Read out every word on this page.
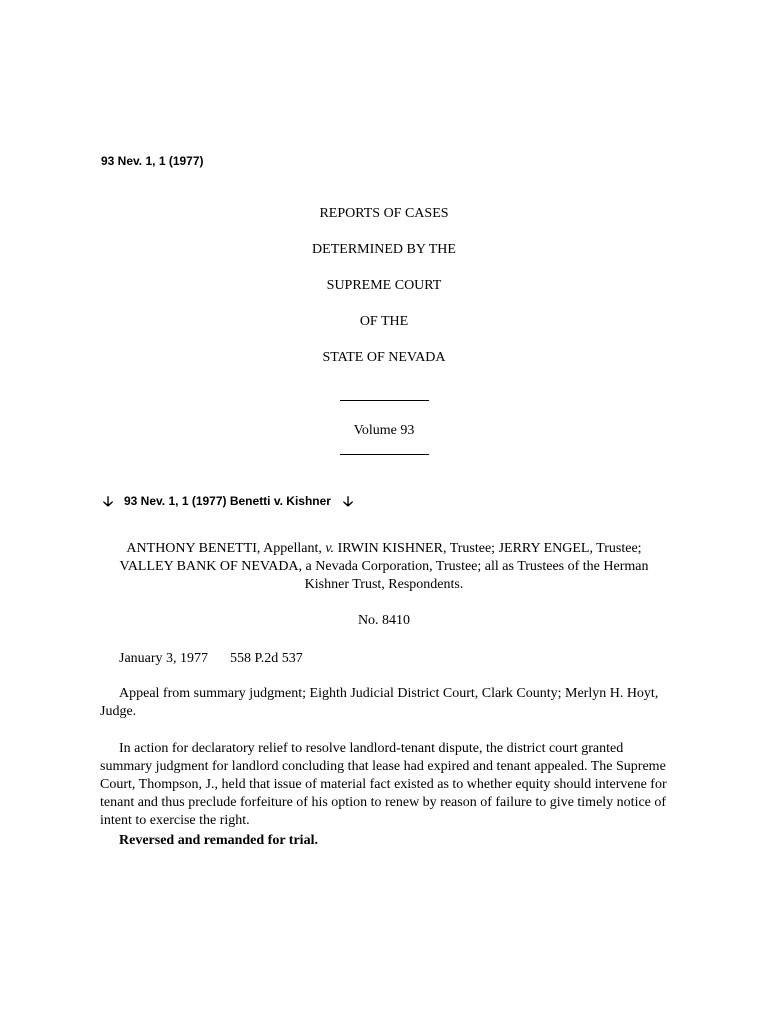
93 Nev. 1, 1 (1977)
REPORTS OF CASES
DETERMINED BY THE
SUPREME COURT
OF THE
STATE OF NEVADA
Volume 93
🡣 93 Nev. 1, 1 (1977) Benetti v. Kishner 🡣
ANTHONY BENETTI, Appellant, v. IRWIN KISHNER, Trustee; JERRY ENGEL, Trustee; VALLEY BANK OF NEVADA, a Nevada Corporation, Trustee; all as Trustees of the Herman Kishner Trust, Respondents.
No. 8410
January 3, 1977 558 P.2d 537
Appeal from summary judgment; Eighth Judicial District Court, Clark County; Merlyn H. Hoyt, Judge.
In action for declaratory relief to resolve landlord-tenant dispute, the district court granted summary judgment for landlord concluding that lease had expired and tenant appealed. The Supreme Court, Thompson, J., held that issue of material fact existed as to whether equity should intervene for tenant and thus preclude forfeiture of his option to renew by reason of failure to give timely notice of intent to exercise the right.
Reversed and remanded for trial.
